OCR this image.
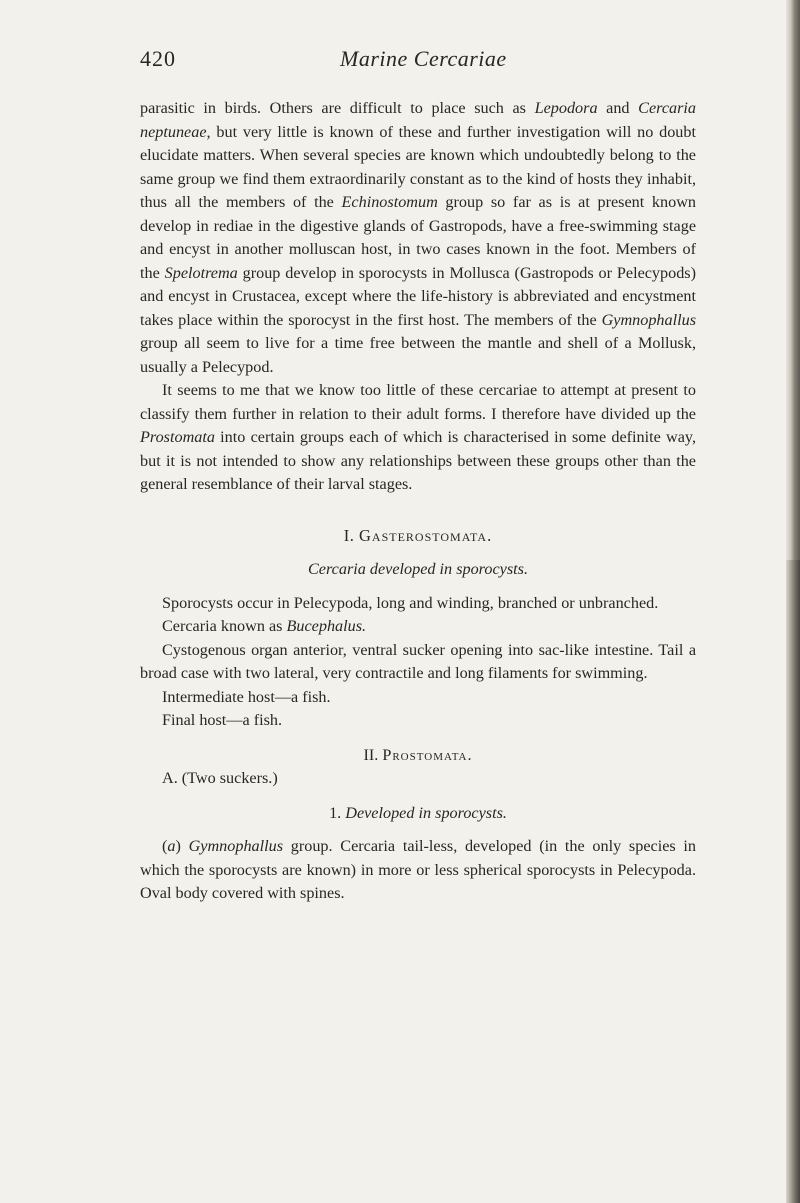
420	Marine Cercariae

parasitic in birds. Others are difficult to place such as Lepodora and Cercaria neptuneae, but very little is known of these and further investigation will no doubt elucidate matters. When several species are known which undoubtedly belong to the same group we find them extraordinarily constant as to the kind of hosts they inhabit, thus all the members of the Echinostomum group so far as is at present known develop in rediae in the digestive glands of Gastropods, have a free-swimming stage and encyst in another molluscan host, in two cases known in the foot. Members of the Spelotrema group develop in sporocysts in Mollusca (Gastropods or Pelecypods) and encyst in Crustacea, except where the life-history is abbreviated and encystment takes place within the sporocyst in the first host. The members of the Gymnophallus group all seem to live for a time free between the mantle and shell of a Mollusk, usually a Pelecypod.

It seems to me that we know too little of these cercariae to attempt at present to classify them further in relation to their adult forms. I therefore have divided up the Prostomata into certain groups each of which is characterised in some definite way, but it is not intended to show any relationships between these groups other than the general resemblance of their larval stages.

I. Gasterostomata.
Cercaria developed in sporocysts.

Sporocysts occur in Pelecypoda, long and winding, branched or unbranched.

Cercaria known as Bucephalus.

Cystogenous organ anterior, ventral sucker opening into sac-like intestine. Tail a broad case with two lateral, very contractile and long filaments for swimming.

Intermediate host—a fish.

Final host—a fish.

II. Prostomata.

A. (Two suckers.)

1. Developed in sporocysts.

(a) Gymnophallus group. Cercaria tail-less, developed (in the only species in which the sporocysts are known) in more or less spherical sporocysts in Pelecypoda. Oval body covered with spines.
